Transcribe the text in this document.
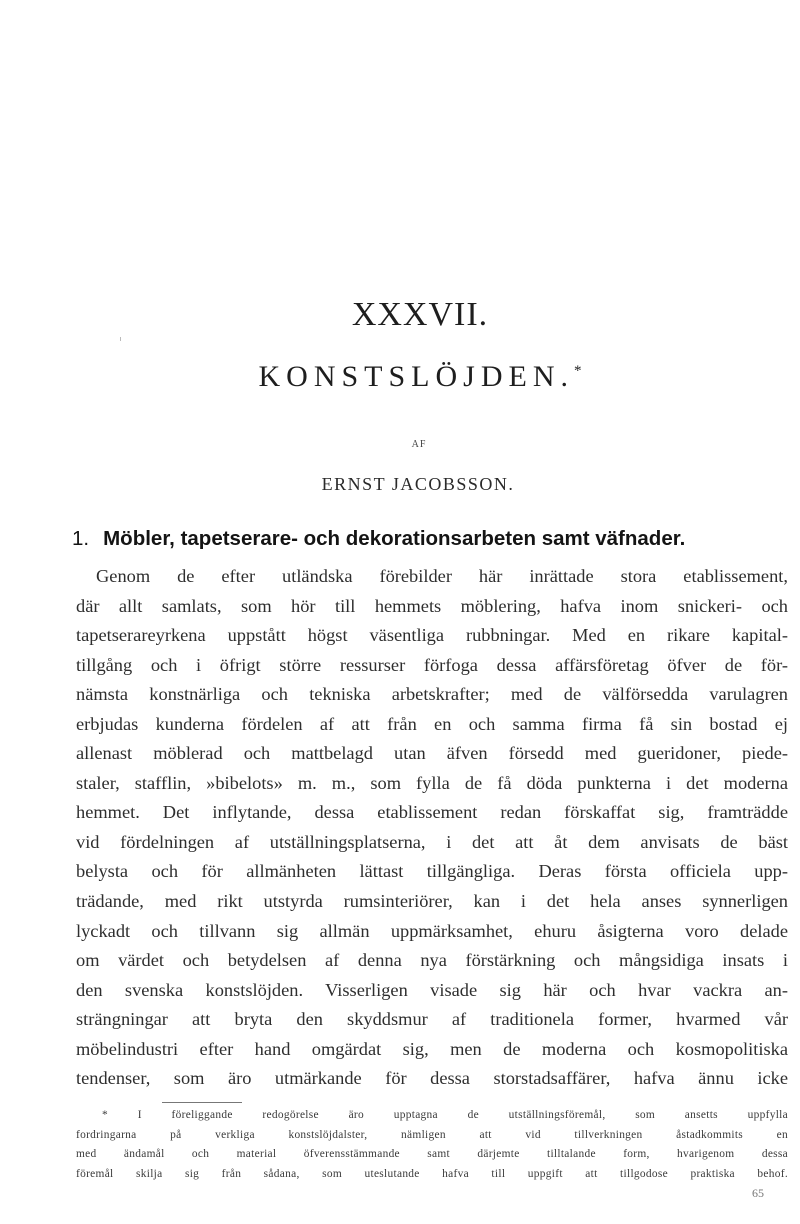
XXXVII.
KONSTSLÖJDEN.*
AF
ERNST JACOBSSON.
1. Möbler, tapetserare- och dekorationsarbeten samt väfnader.
Genom de efter utländska förebilder här inrättade stora etablissement,
där allt samlats, som hör till hemmets möblering, hafva inom snickeri- och
tapetserareyrkena uppstått högst väsentliga rubbningar. Med en rikare kapital-
tillgång och i öfrigt större ressurser förfoga dessa affärsföretag öfver de för-
nämsta konstnärliga och tekniska arbetskrafter; med de välförsedda varulagren
erbjudas kunderna fördelen af att från en och samma firma få sin bostad ej
allenast möblerad och mattbelagd utan äfven försedd med gueridoner, piede-
staler, stafflin, »bibelots» m. m., som fylla de få döda punkterna i det moderna
hemmet. Det inflytande, dessa etablissement redan förskaffat sig, framträdde
vid fördelningen af utställningsplatserna, i det att åt dem anvisats de bäst
belysta och för allmänheten lättast tillgängliga. Deras första officiela upp-
trädande, med rikt utstyrda rumsinteriörer, kan i det hela anses synnerligen
lyckadt och tillvann sig allmän uppmärksamhet, ehuru åsigterna voro delade
om värdet och betydelsen af denna nya förstärkning och mångsidiga insats i
den svenska konstslöjden. Visserligen visade sig här och hvar vackra an-
strängningar att bryta den skyddsmur af traditionela former, hvarmed vår
möbelindustri efter hand omgärdat sig, men de moderna och kosmopolitiska
tendenser, som äro utmärkande för dessa storstadsaffärer, hafva ännu icke
* I föreliggande redogörelse äro upptagna de utställningsföremål, som ansetts uppfylla
fordringarna på verkliga konstslöjdalster, nämligen att vid tillverkningen åstadkommits en
med ändamål och material öfverensstämmande samt därjemte tilltalande form, hvarigenom dessa
föremål skilja sig från sådana, som uteslutande hafva till uppgift att tillgodose praktiska behof.
65
